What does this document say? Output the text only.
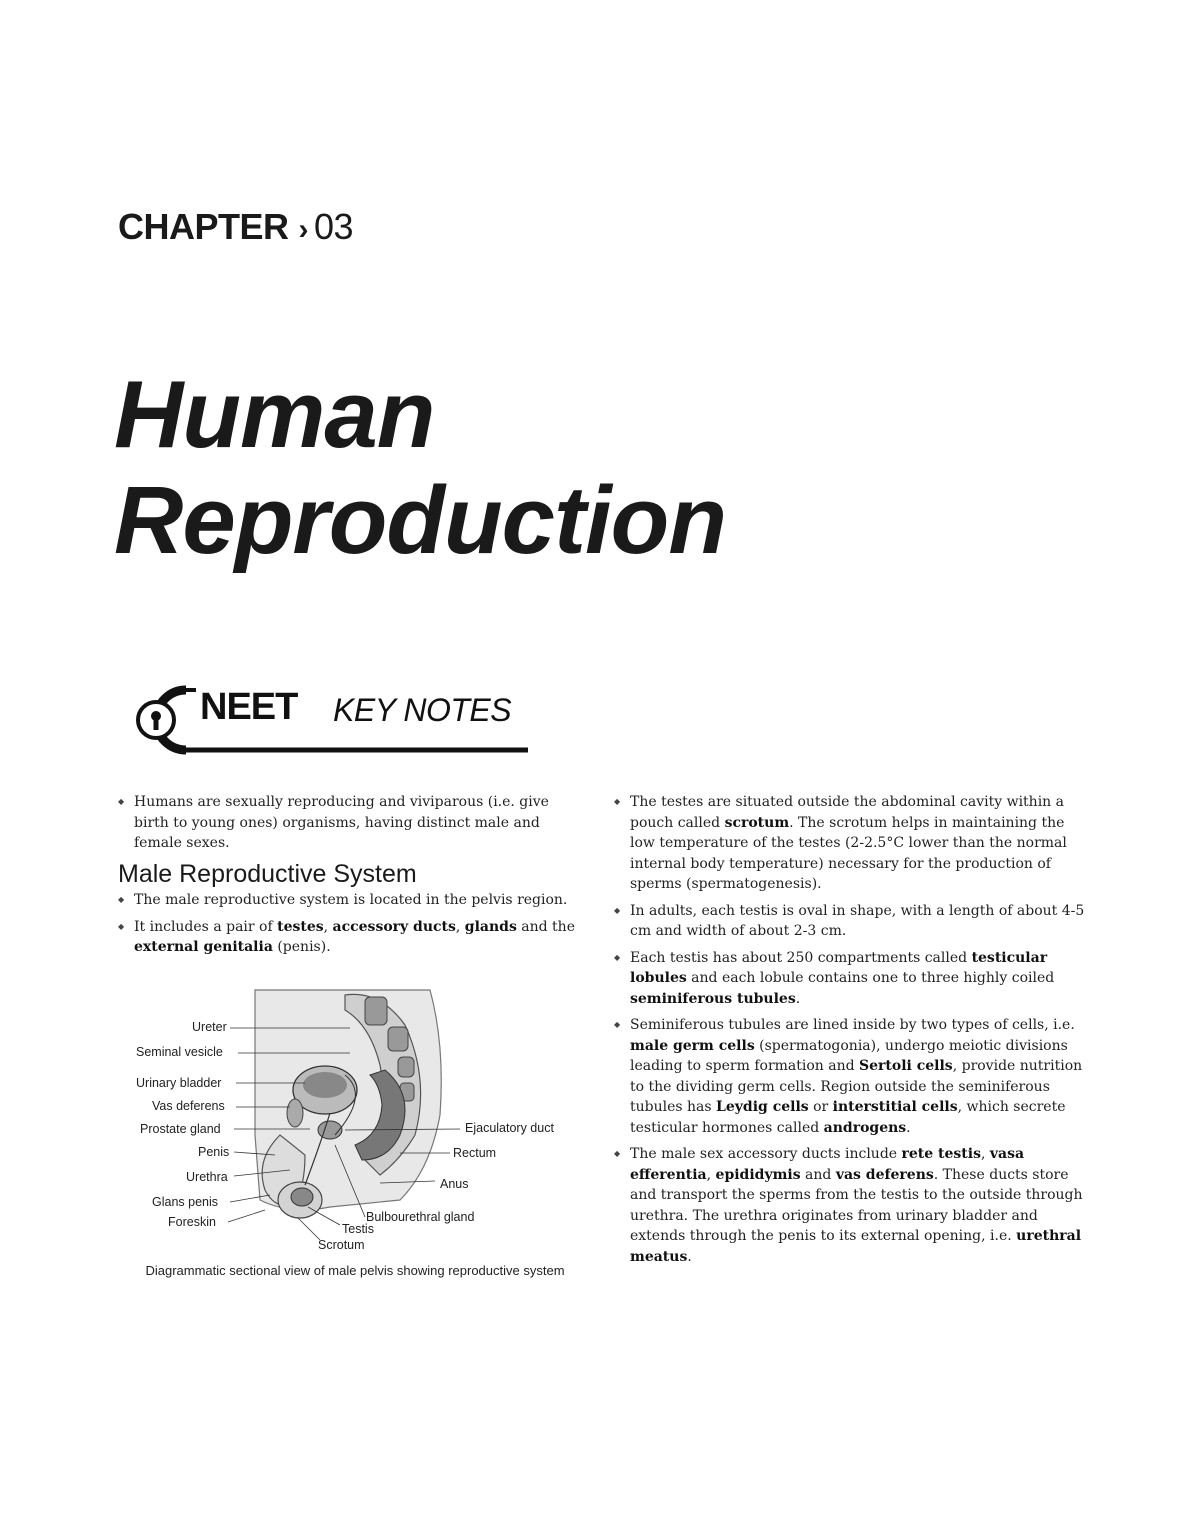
CHAPTER › 03
Human
Reproduction
NEET KEY NOTES
◆ Humans are sexually reproducing and viviparous (i.e. give birth to young ones) organisms, having distinct male and female sexes.
Male Reproductive System
◆ The male reproductive system is located in the pelvis region.
◆ It includes a pair of testes, accessory ducts, glands and the external genitalia (penis).
Ureter
Seminal vesicle
Urinary bladder
Vas deferens
Prostate gland
Penis
Urethra
Glans penis
Foreskin
Ejaculatory duct
Rectum
Anus
Bulbourethral gland
Testis
Scrotum
Diagrammatic sectional view of male pelvis showing reproductive system
◆ The testes are situated outside the abdominal cavity within a pouch called scrotum. The scrotum helps in maintaining the low temperature of the testes (2-2.5°C lower than the normal internal body temperature) necessary for the production of sperms (spermatogenesis).
◆ In adults, each testis is oval in shape, with a length of about 4-5 cm and width of about 2-3 cm.
◆ Each testis has about 250 compartments called testicular lobules and each lobule contains one to three highly coiled seminiferous tubules.
◆ Seminiferous tubules are lined inside by two types of cells, i.e. male germ cells (spermatogonia), undergo meiotic divisions leading to sperm formation and Sertoli cells, provide nutrition to the dividing germ cells. Region outside the seminiferous tubules has Leydig cells or interstitial cells, which secrete testicular hormones called androgens.
◆ The male sex accessory ducts include rete testis, vasa efferentia, epididymis and vas deferens. These ducts store and transport the sperms from the testis to the outside through urethra. The urethra originates from urinary bladder and extends through the penis to its external opening, i.e. urethral meatus.
